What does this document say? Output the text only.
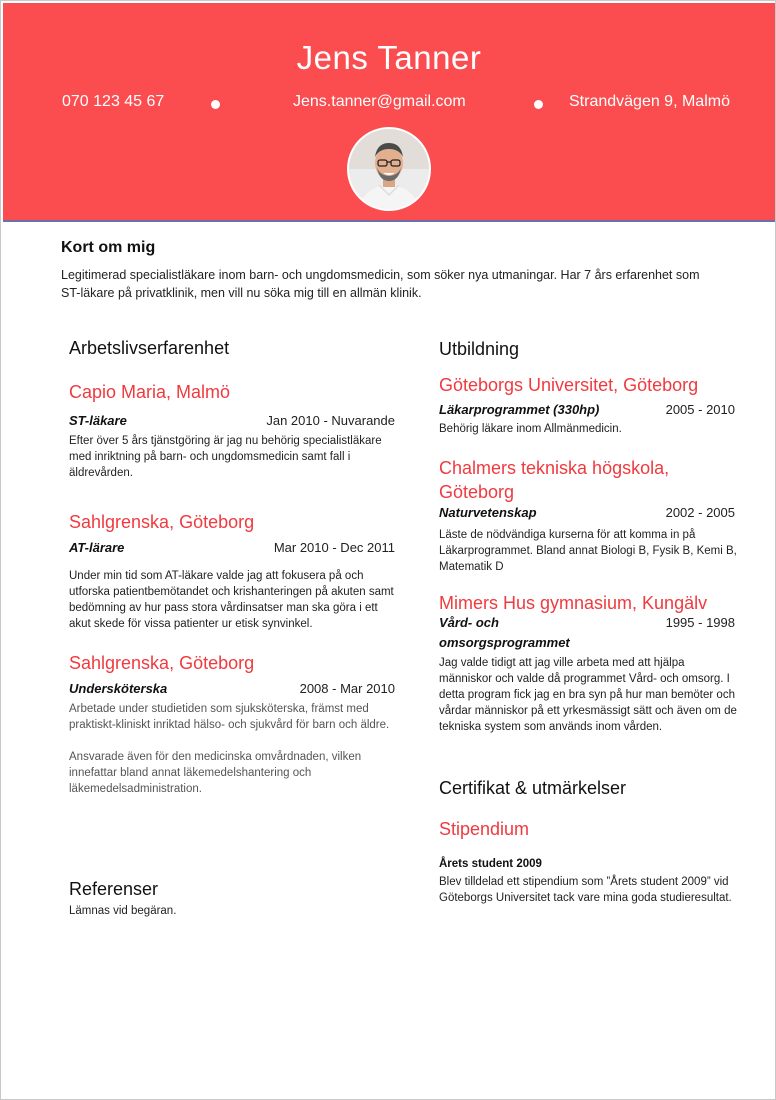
Jens Tanner
070 123 45 67	Jens.tanner@gmail.com	Strandvägen 9, Malmö
Kort om mig
Legitimerad specialistläkare inom barn- och ungdomsmedicin, som söker nya utmaningar. Har 7 års erfarenhet som ST-läkare på privatklinik, men vill nu söka mig till en allmän klinik.
Arbetslivserfarenhet
Capio Maria, Malmö
ST-läkare	Jan 2010 - Nuvarande
Efter över 5 års tjänstgöring är jag nu behörig specialistläkare med inriktning på barn- och ungdomsmedicin samt fall i äldrevården.
Sahlgrenska, Göteborg
AT-lärare	Mar 2010 - Dec 2011
Under min tid som AT-läkare valde jag att fokusera på och utforska patientbemötandet och krishanteringen på akuten samt bedömning av hur pass stora vårdinsatser man ska göra i ett akut skede för vissa patienter ur etisk synvinkel.
Sahlgrenska, Göteborg
Undersköterska	2008 - Mar 2010
Arbetade under studietiden som sjuksköterska, främst med praktiskt-kliniskt inriktad hälso- och sjukvård för barn och äldre.
Ansvarade även för den medicinska omvårdnaden, vilken innefattar bland annat läkemedelshantering och läkemedelsadministration.
Referenser
Lämnas vid begäran.
Utbildning
Göteborgs Universitet, Göteborg
Läkarprogrammet (330hp)	2005 - 2010
Behörig läkare inom Allmänmedicin.
Chalmers tekniska högskola,
Göteborg
Naturvetenskap	2002 - 2005
Läste de nödvändiga kurserna för att komma in på Läkarprogrammet. Bland annat Biologi B, Fysik B, Kemi B, Matematik D
Mimers Hus gymnasium, Kungälv
Vård- och
omsorgsprogrammet
1995 - 1998
Jag valde tidigt att jag ville arbeta med att hjälpa människor och valde då programmet Vård- och omsorg. I detta program fick jag en bra syn på hur man bemöter och vårdar människor på ett yrkesmässigt sätt och även om de tekniska system som används inom vården.
Certifikat & utmärkelser
Stipendium
Årets student 2009
Blev tilldelad ett stipendium som ”Årets student 2009” vid Göteborgs Universitet tack vare mina goda studieresultat.
